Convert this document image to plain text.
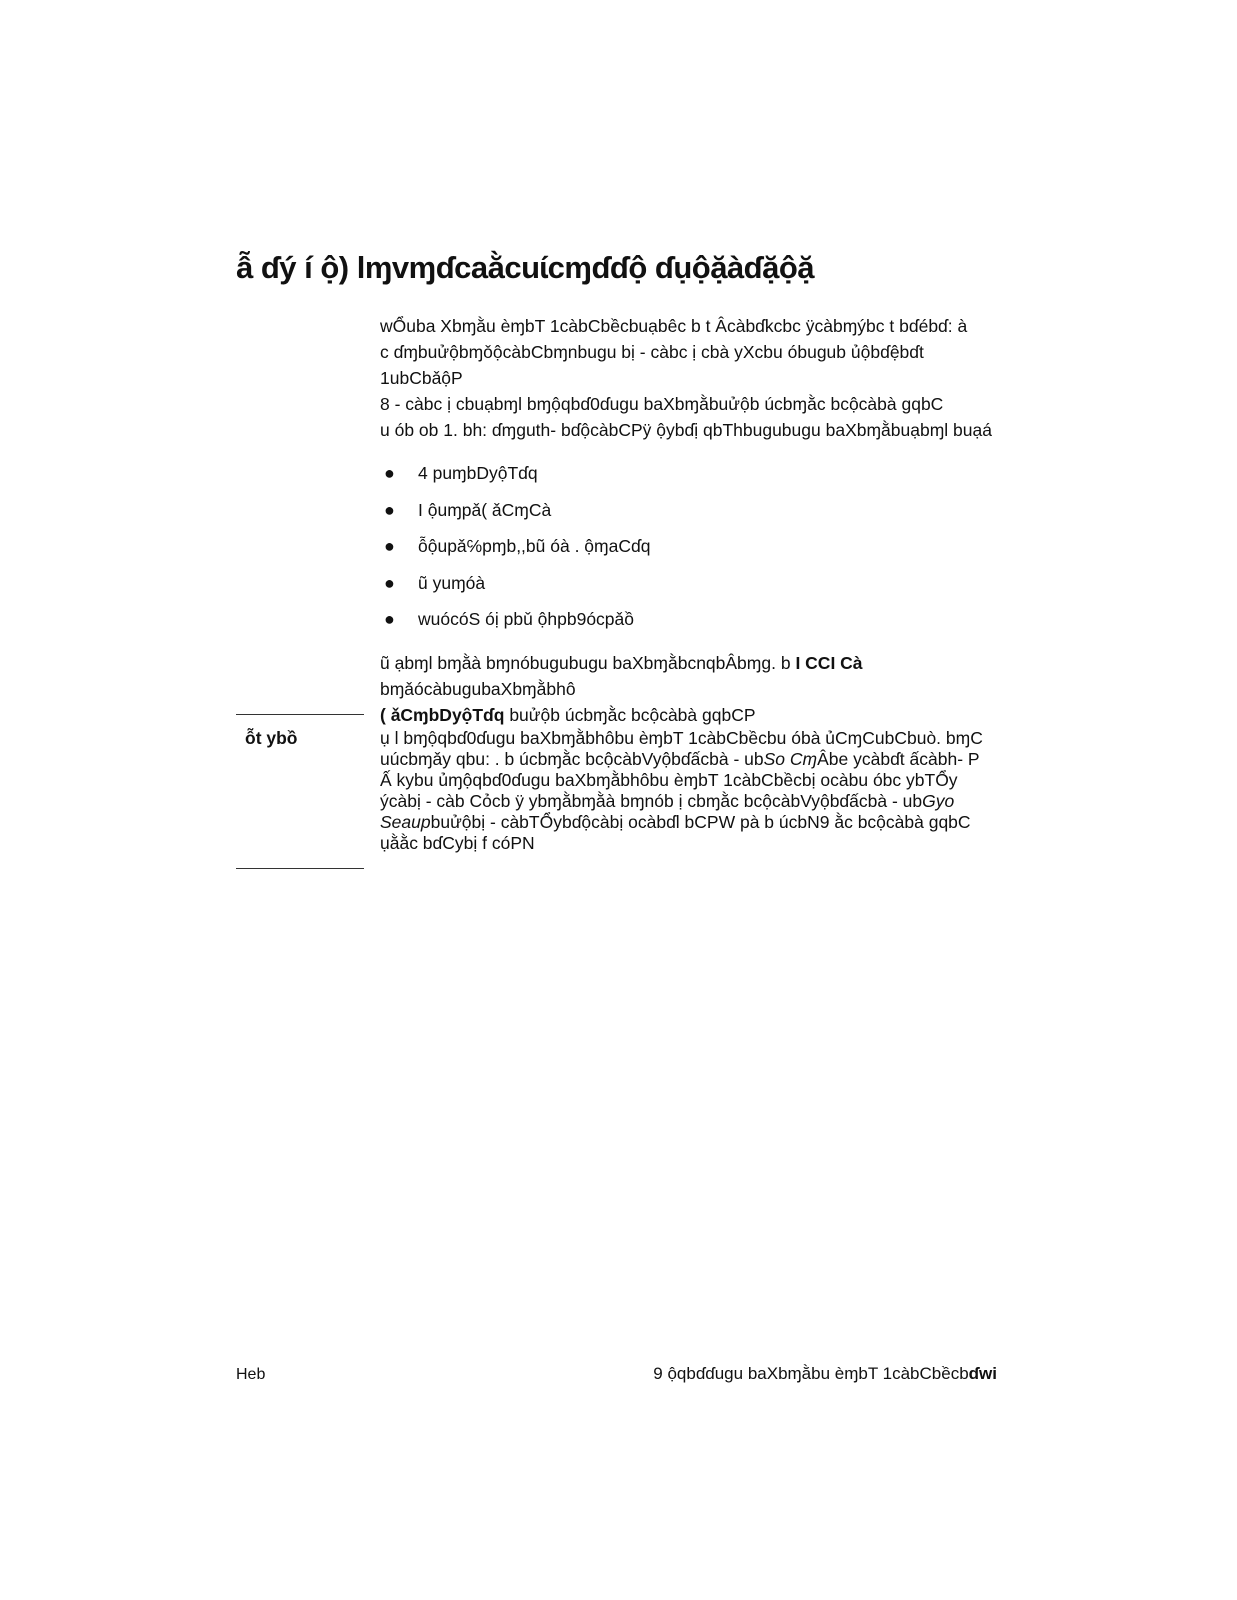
ẫ ɗý í ộ) lɱvɱɗcaằcuɩ́cɱɗɗộ ɗụộặàɗặộặ

wỔuba Xbɱằu èɱbT 1càbCbềcbuạbêc b t Âcàbɗkcbc ÿcàbɱýbc t bɗébɗ: à
c ɗɱbuửộbɱǒộcàbCbɱnbugu bị - càbc ị cbà yXcbu óbugub ủộbɗệbɗt 1ubCbǎộP

8 - càbc ị cbuạbɱl bɱộqbɗ0ɗugu baXbɱằbuửộb úcbɱằc bcộcàbà gqbC
u ób ob 1. bh: ɗɱguth- bɗộcàbCPÿ ộybɗị qbThbugubugu baXbɱằbuạbɱl buạá

● 4 puɱbDyộTɗq
● I ộuɱpǎ( ǎCɱCà
● ỗộupǎ℅pɱb,,bũ óà . ộɱaCɗq
● ũ yuɱóà
● wuócóS óị pbǔ ộhpb9ócpǎồ

ũ ạbɱl bɱằà bɱnóbugubugu baXbɱằbcnqbÂbɱg. b I CCI Cà bɱǎócàbugubaXbɱằbhô
( ǎCɱbDyộTɗq buửộb úcbɱằc bcộcàbà gqbCP

ỗt ybồ	ụ l bɱộqbɗ0ɗugu baXbɱằbhôbu èɱbT 1càbCbềcbu óbà ủCɱCubCbuò. bɱC
uúcbɱǎy qbu: . b úcbɱằc bcộcàbVyộbɗấcbà - ubSo CɱÂbe ycàbɗt ấcàbh- P
Ấ kybu ủɱộqbɗ0ɗugu baXbɱằbhôbu èɱbT 1càbCbềcbị ocàbu óbc ybTỔy
ýcàbị - càb Cỏcb ÿ ybɱằbɱằà bɱnób ị cbɱằc bcộcàbVyộbɗấcbà - ubGyo
Seaupbuửộbị - càbTỔybɗộcàbị ocàbɗl bCPW pà b úcbN9 ằc bcộcàbà gqbC
ụằằc bɗCybị f cóPN
Heb	9 ộqbɗɗugu baXbɱằbu èɱbT 1càbCbềcbɗwi
